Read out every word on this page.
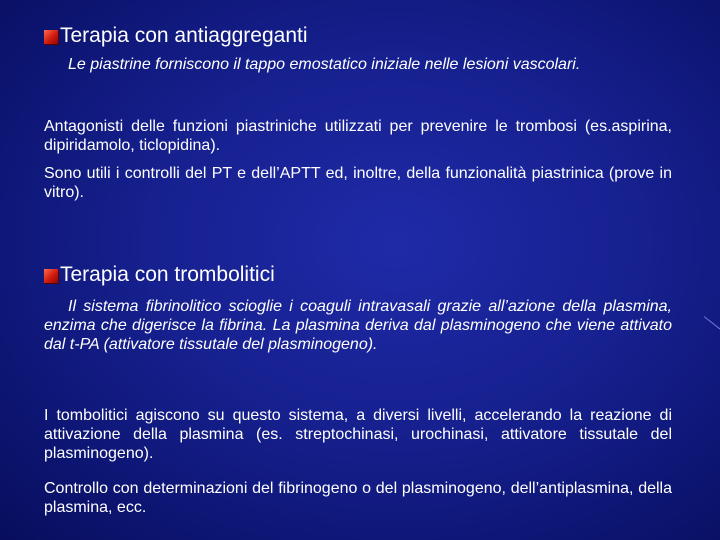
Terapia con antiaggreganti

Le piastrine forniscono il tappo emostatico iniziale nelle lesioni vascolari.

Antagonisti delle funzioni piastriniche utilizzati per prevenire le trombosi (es.aspirina, dipiridamolo, ticlopidina).

Sono utili i controlli del PT e dell’APTT ed, inoltre, della funzionalità piastrinica (prove in vitro).

Terapia con trombolitici

Il sistema fibrinolitico scioglie i coaguli intravasali grazie all’azione della plasmina, enzima che digerisce la fibrina. La plasmina deriva dal plasminogeno che viene attivato dal t-PA (attivatore tissutale del plasminogeno).

I tombolitici agiscono su questo sistema, a diversi livelli, accelerando la reazione di attivazione della plasmina (es. streptochinasi, urochinasi, attivatore tissutale del plasminogeno).

Controllo con determinazioni del fibrinogeno o del plasminogeno, dell’antiplasmina, della plasmina, ecc.
